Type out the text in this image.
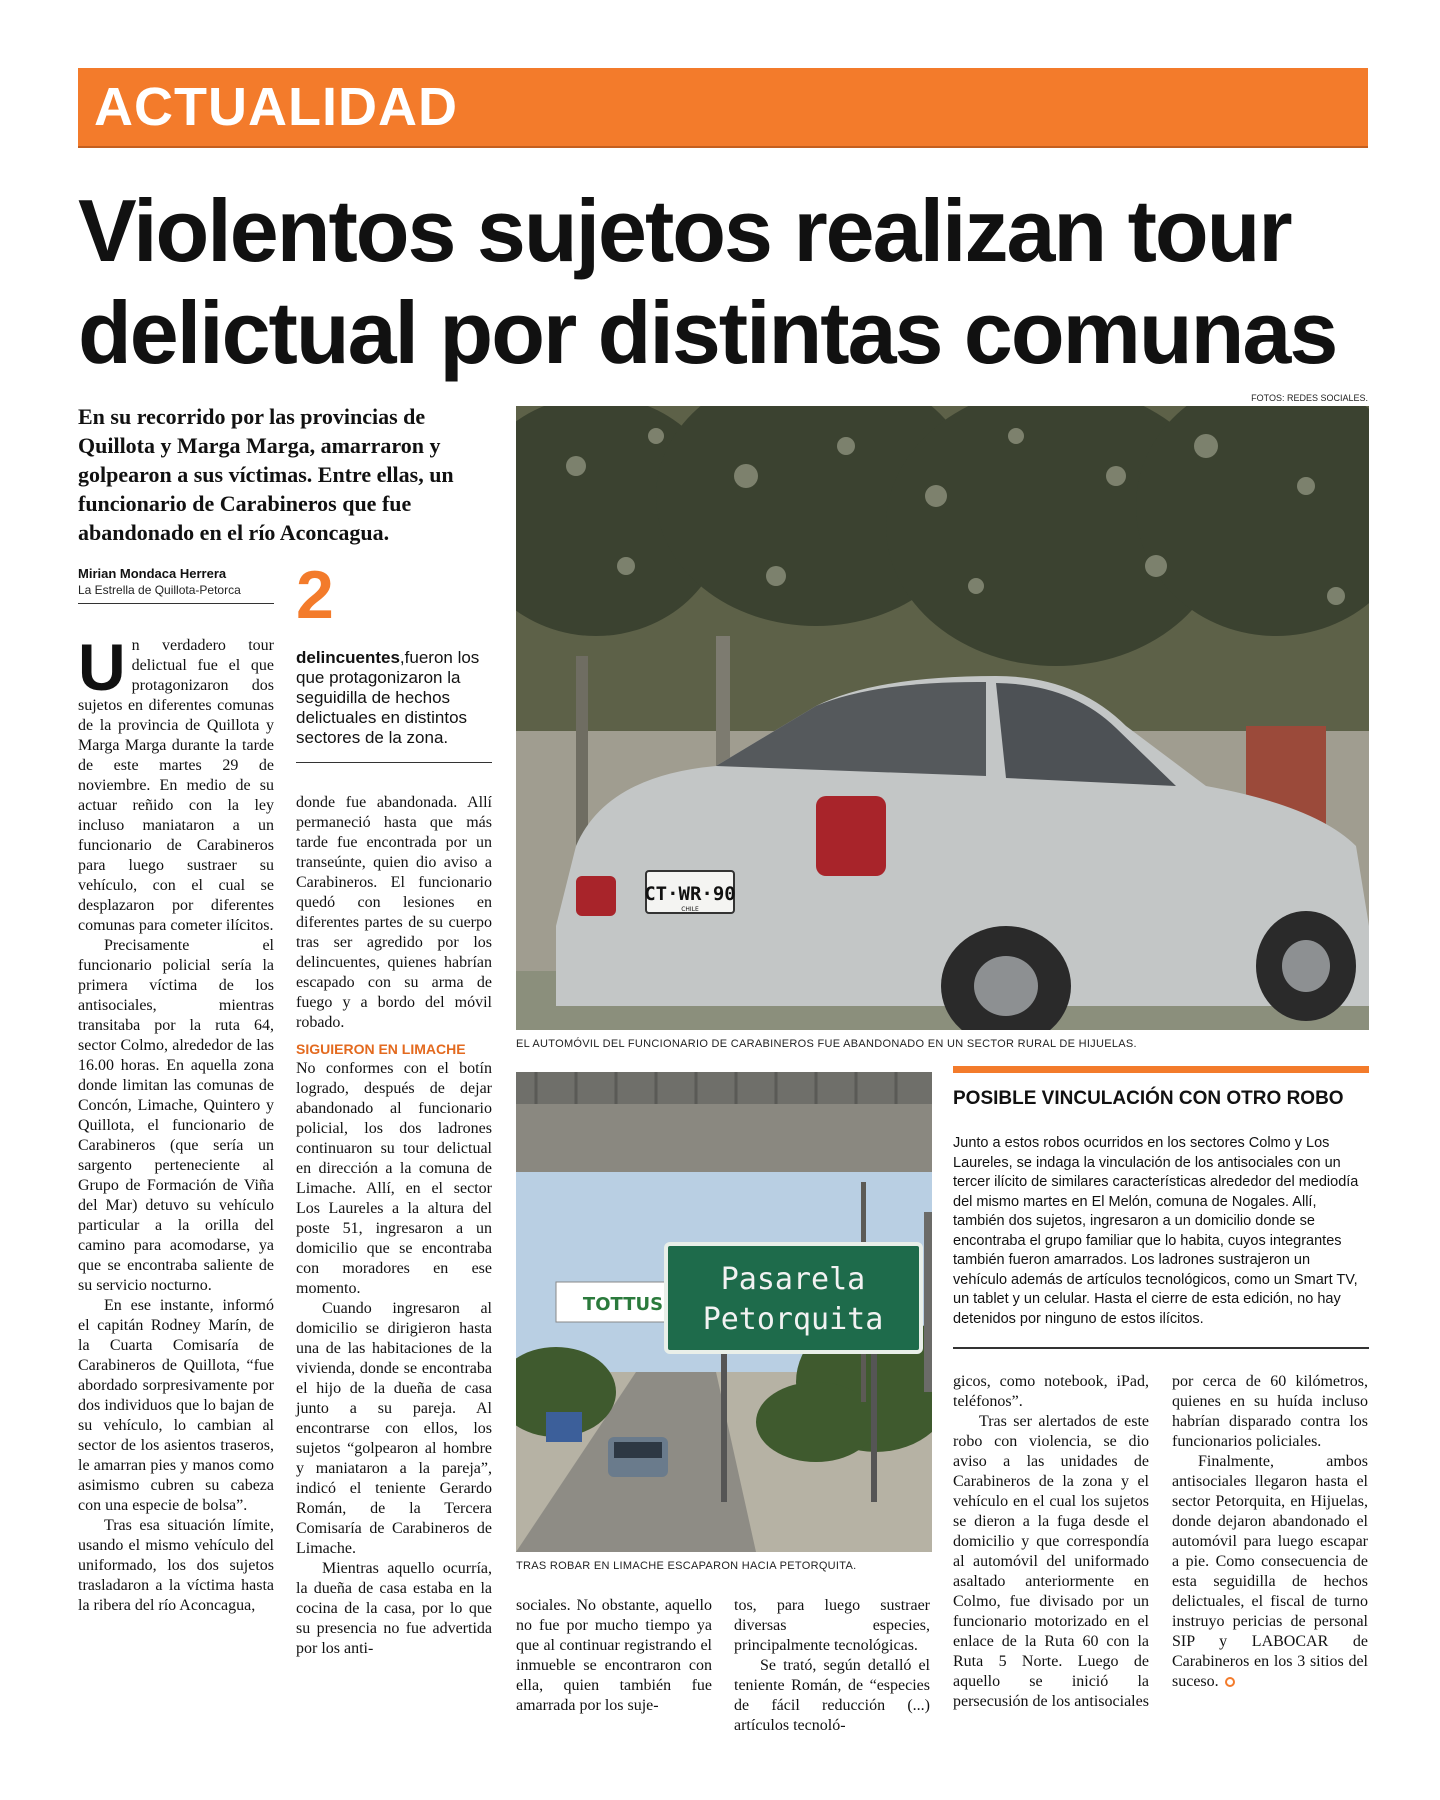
ACTUALIDAD
Violentos sujetos realizan tour delictual por distintas comunas

En su recorrido por las provincias de Quillota y Marga Marga, amarraron y golpearon a sus víctimas. Entre ellas, un funcionario de Carabineros que fue abandonado en el río Aconcagua.

Mirian Mondaca Herrera
La Estrella de Quillota-Petorca
FOTOS: REDES SOCIALES.

Un verdadero tour delictual fue el que protagonizaron dos sujetos en diferentes comunas de la provincia de Quillota y Marga Marga durante la tarde de este martes 29 de noviembre. En medio de su actuar reñido con la ley incluso maniataron a un funcionario de Carabineros para luego sustraer su vehículo, con el cual se desplazaron por diferentes comunas para cometer ilícitos.

Precisamente el funcionario policial sería la primera víctima de los antisociales, mientras transitaba por la ruta 64, sector Colmo, alrededor de las 16.00 horas. En aquella zona donde limitan las comunas de Concón, Limache, Quintero y Quillota, el funcionario de Carabineros (que sería un sargento perteneciente al Grupo de Formación de Viña del Mar) detuvo su vehículo particular a la orilla del camino para acomodarse, ya que se encontraba saliente de su servicio nocturno.

En ese instante, informó el capitán Rodney Marín, de la Cuarta Comisaría de Carabineros de Quillota, “fue abordado sorpresivamente por dos individuos que lo bajan de su vehículo, lo cambian al sector de los asientos traseros, le amarran pies y manos como asimismo cubren su cabeza con una especie de bolsa”.

Tras esa situación límite, usando el mismo vehículo del uniformado, los dos sujetos trasladaron a la víctima hasta la ribera del río Aconcagua,

2
delincuentes,fueron los que protagonizaron la seguidilla de hechos delictuales en distintos sectores de la zona.

donde fue abandonada. Allí permaneció hasta que más tarde fue encontrada por un transeúnte, quien dio aviso a Carabineros. El funcionario quedó con lesiones en diferentes partes de su cuerpo tras ser agredido por los delincuentes, quienes habrían escapado con su arma de fuego y a bordo del móvil robado.

SIGUIERON EN LIMACHE

No conformes con el botín logrado, después de dejar abandonado al funcionario policial, los dos ladrones continuaron su tour delictual en dirección a la comuna de Limache. Allí, en el sector Los Laureles a la altura del poste 51, ingresaron a un domicilio que se encontraba con moradores en ese momento.

Cuando ingresaron al domicilio se dirigieron hasta una de las habitaciones de la vivienda, donde se encontraba el hijo de la dueña de casa junto a su pareja. Al encontrarse con ellos, los sujetos “golpearon al hombre y maniataron a la pareja”, indicó el teniente Gerardo Román, de la Tercera Comisaría de Carabineros de Limache.

Mientras aquello ocurría, la dueña de casa estaba en la cocina de la casa, por lo que su presencia no fue advertida por los anti-

CT·WR·90
CHILE
EL AUTOMÓVIL DEL FUNCIONARIO DE CARABINEROS FUE ABANDONADO EN UN SECTOR RURAL DE HIJUELAS.
POSIBLE VINCULACIÓN CON OTRO ROBO

Junto a estos robos ocurridos en los sectores Colmo y Los Laureles, se indaga la vinculación de los antisociales con un tercer ilícito de similares características alrededor del mediodía del mismo martes en El Melón, comuna de Nogales. Allí, también dos sujetos, ingresaron a un domicilio donde se encontraba el grupo familiar que lo habita, cuyos integrantes también fueron amarrados. Los ladrones sustrajeron un vehículo además de artículos tecnológicos, como un Smart TV, un tablet y un celular. Hasta el cierre de esta edición, no hay detenidos por ninguno de estos ilícitos.

TOTTUS
Pasarela
Petorquita
TRAS ROBAR EN LIMACHE ESCAPARON HACIA PETORQUITA.

sociales. No obstante, aquello no fue por mucho tiempo ya que al continuar registrando el inmueble se encontraron con ella, quien también fue amarrada por los suje-

tos, para luego sustraer diversas especies, principalmente tecnológicas.

Se trató, según detalló el teniente Román, de “especies de fácil reducción (...) artículos tecnoló-

gicos, como notebook, iPad, teléfonos”.

Tras ser alertados de este robo con violencia, se dio aviso a las unidades de Carabineros de la zona y el vehículo en el cual los sujetos se dieron a la fuga desde el domicilio y que correspondía al automóvil del uniformado asaltado anteriormente en Colmo, fue divisado por un funcionario motorizado en el enlace de la Ruta 60 con la Ruta 5 Norte. Luego de aquello se inició la persecusión de los antisociales

por cerca de 60 kilómetros, quienes en su huída incluso habrían disparado contra los funcionarios policiales.

Finalmente, ambos antisociales llegaron hasta el sector Petorquita, en Hijuelas, donde dejaron abandonado el automóvil para luego escapar a pie. Como consecuencia de esta seguidilla de hechos delictuales, el fiscal de turno instruyo pericias de personal SIP y LABOCAR de Carabineros en los 3 sitios del suceso.
